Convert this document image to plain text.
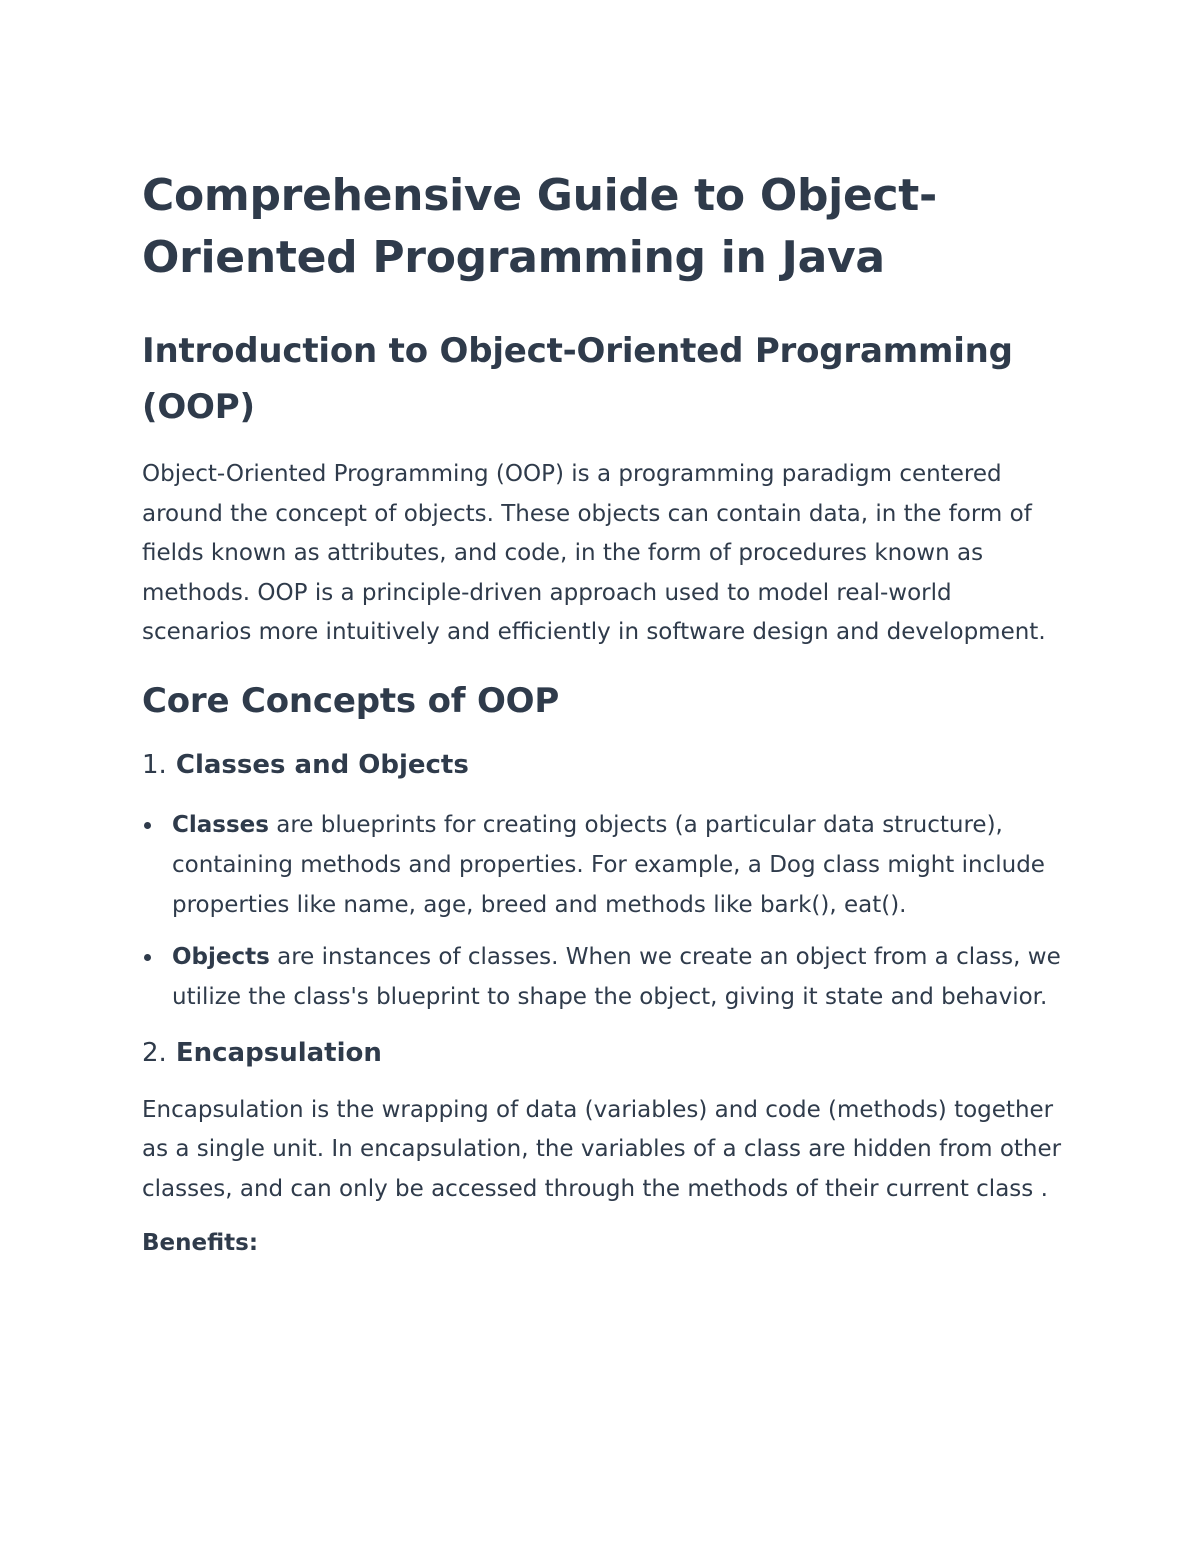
Comprehensive Guide to Object-Oriented Programming in Java
Introduction to Object-Oriented Programming (OOP)

Object-Oriented Programming (OOP) is a programming paradigm centered around the concept of objects. These objects can contain data, in the form of fields known as attributes, and code, in the form of procedures known as methods. OOP is a principle-driven approach used to model real-world scenarios more intuitively and efficiently in software design and development.

Core Concepts of OOP
1. Classes and Objects
Classes are blueprints for creating objects (a particular data structure), containing methods and properties. For example, a Dog class might include properties like name, age, breed and methods like bark(), eat().
Objects are instances of classes. When we create an object from a class, we utilize the class's blueprint to shape the object, giving it state and behavior.
2. Encapsulation

Encapsulation is the wrapping of data (variables) and code (methods) together as a single unit. In encapsulation, the variables of a class are hidden from other classes, and can only be accessed through the methods of their current class .

Benefits:
